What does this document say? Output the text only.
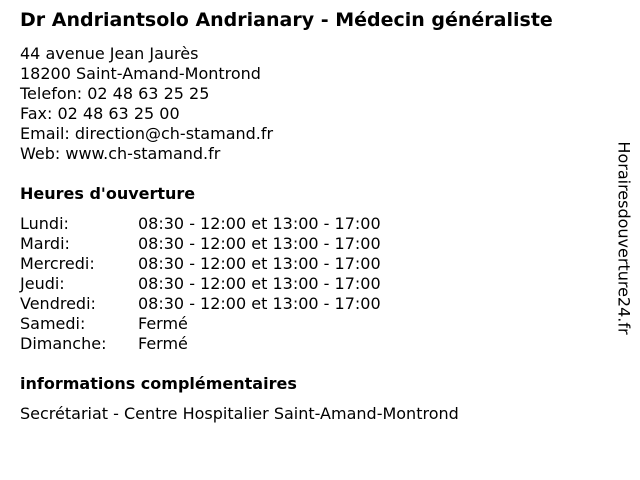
Dr Andriantsolo Andrianary - Médecin généraliste
44 avenue Jean Jaurès
18200 Saint-Amand-Montrond
Telefon: 02 48 63 25 25
Fax: 02 48 63 25 00
Email: direction@ch-stamand.fr
Web: www.ch-stamand.fr
Heures d'ouverture
Lundi:	08:30 - 12:00 et 13:00 - 17:00
Mardi:	08:30 - 12:00 et 13:00 - 17:00
Mercredi:	08:30 - 12:00 et 13:00 - 17:00
Jeudi:	08:30 - 12:00 et 13:00 - 17:00
Vendredi:	08:30 - 12:00 et 13:00 - 17:00
Samedi:	Fermé
Dimanche:	Fermé
informations complémentaires
Secrétariat - Centre Hospitalier Saint-Amand-Montrond
Horairesdouverture24.fr
